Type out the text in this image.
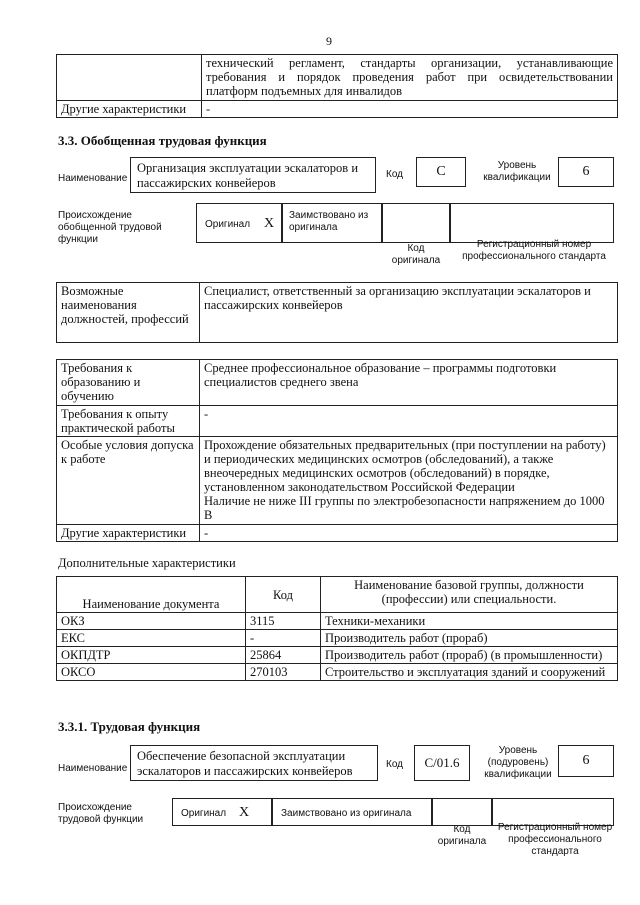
9
	технический регламент, стандарты организации, устанавливающие требования и порядок проведения работ при освидетельствовании платформ подъемных для инвалидов
Другие характеристики	-
3.3. Обобщенная трудовая функция
Наименование
Организация эксплуатации эскалаторов и пассажирских конвейеров
Код	C	Уровень квалификации	6
Происхождение обобщенной трудовой функции
Оригинал X
Заимствовано из оригинала
Код оригинала
Регистрационный номер профессионального стандарта
Возможные наименования должностей, профессий	Специалист, ответственный за организацию эксплуатации эскалаторов и пассажирских конвейеров
Требования к образованию и обучению	Среднее профессиональное образование – программы подготовки специалистов среднего звена
Требования к опыту практической работы	-
Особые условия допуска к работе	Прохождение обязательных предварительных (при поступлении на работу) и периодических медицинских осмотров (обследований), а также внеочередных медицинских осмотров (обследований) в порядке, установленном законодательством Российской Федерации
Наличие не ниже III группы по электробезопасности напряжением до 1000 В

Другие характеристики	-
Дополнительные характеристики
Наименование документа	Код	Наименование базовой группы, должности (профессии) или специальности.
ОКЗ	3115	Техники-механики
ЕКС	-	Производитель работ (прораб)
ОКПДТР	25864	Производитель работ (прораб) (в промышленности)
ОКСО	270103	Строительство и эксплуатация зданий и сооружений
3.3.1. Трудовая функция
Наименование
Обеспечение безопасной эксплуатации эскалаторов и пассажирских конвейеров	Код	C/01.6
Уровень (подуровень) квалификации
6
Происхождение трудовой функции
Оригинал X	Заимствовано из оригинала
Код оригинала
Регистрационный номер профессионального стандарта
